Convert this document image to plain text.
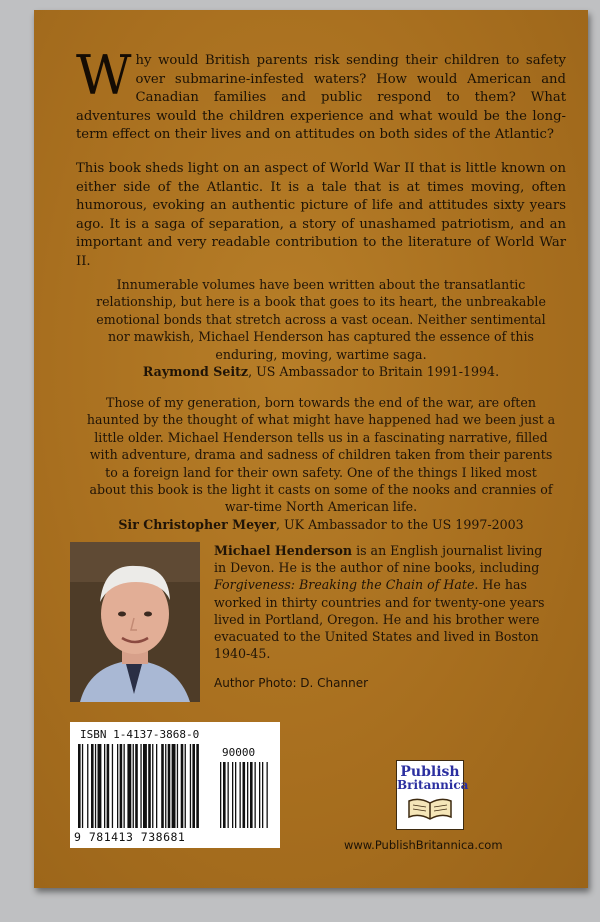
Why would British parents risk sending their children to safety over submarine-infested waters? How would American and Canadian families and public respond to them? What adventures would the children experience and what would be the long-term effect on their lives and on attitudes on both sides of the Atlantic?
This book sheds light on an aspect of World War II that is little known on either side of the Atlantic. It is a tale that is at times moving, often humorous, evoking an authentic picture of life and attitudes sixty years ago. It is a saga of separation, a story of unashamed patriotism, and an important and very readable contribution to the literature of World War II.
Innumerable volumes have been written about the transatlantic relationship, but here is a book that goes to its heart, the unbreakable emotional bonds that stretch across a vast ocean. Neither sentimental nor mawkish, Michael Henderson has captured the essence of this enduring, moving, wartime saga.
Raymond Seitz, US Ambassador to Britain 1991-1994.
Those of my generation, born towards the end of the war, are often haunted by the thought of what might have happened had we been just a little older. Michael Henderson tells us in a fascinating narrative, filled with adventure, drama and sadness of children taken from their parents to a foreign land for their own safety. One of the things I liked most about this book is the light it casts on some of the nooks and crannies of war-time North American life.
Sir Christopher Meyer, UK Ambassador to the US 1997-2003
Michael Henderson is an English journalist living in Devon. He is the author of nine books, including Forgiveness: Breaking the Chain of Hate. He has worked in thirty countries and for twenty-one years lived in Portland, Oregon. He and his brother were evacuated to the United States and lived in Boston 1940-45.
Author Photo: D. Channer
ISBN 1-4137-3868-0
90000
9 781413 738681
Publish
Britannica
www.PublishBritannica.com
